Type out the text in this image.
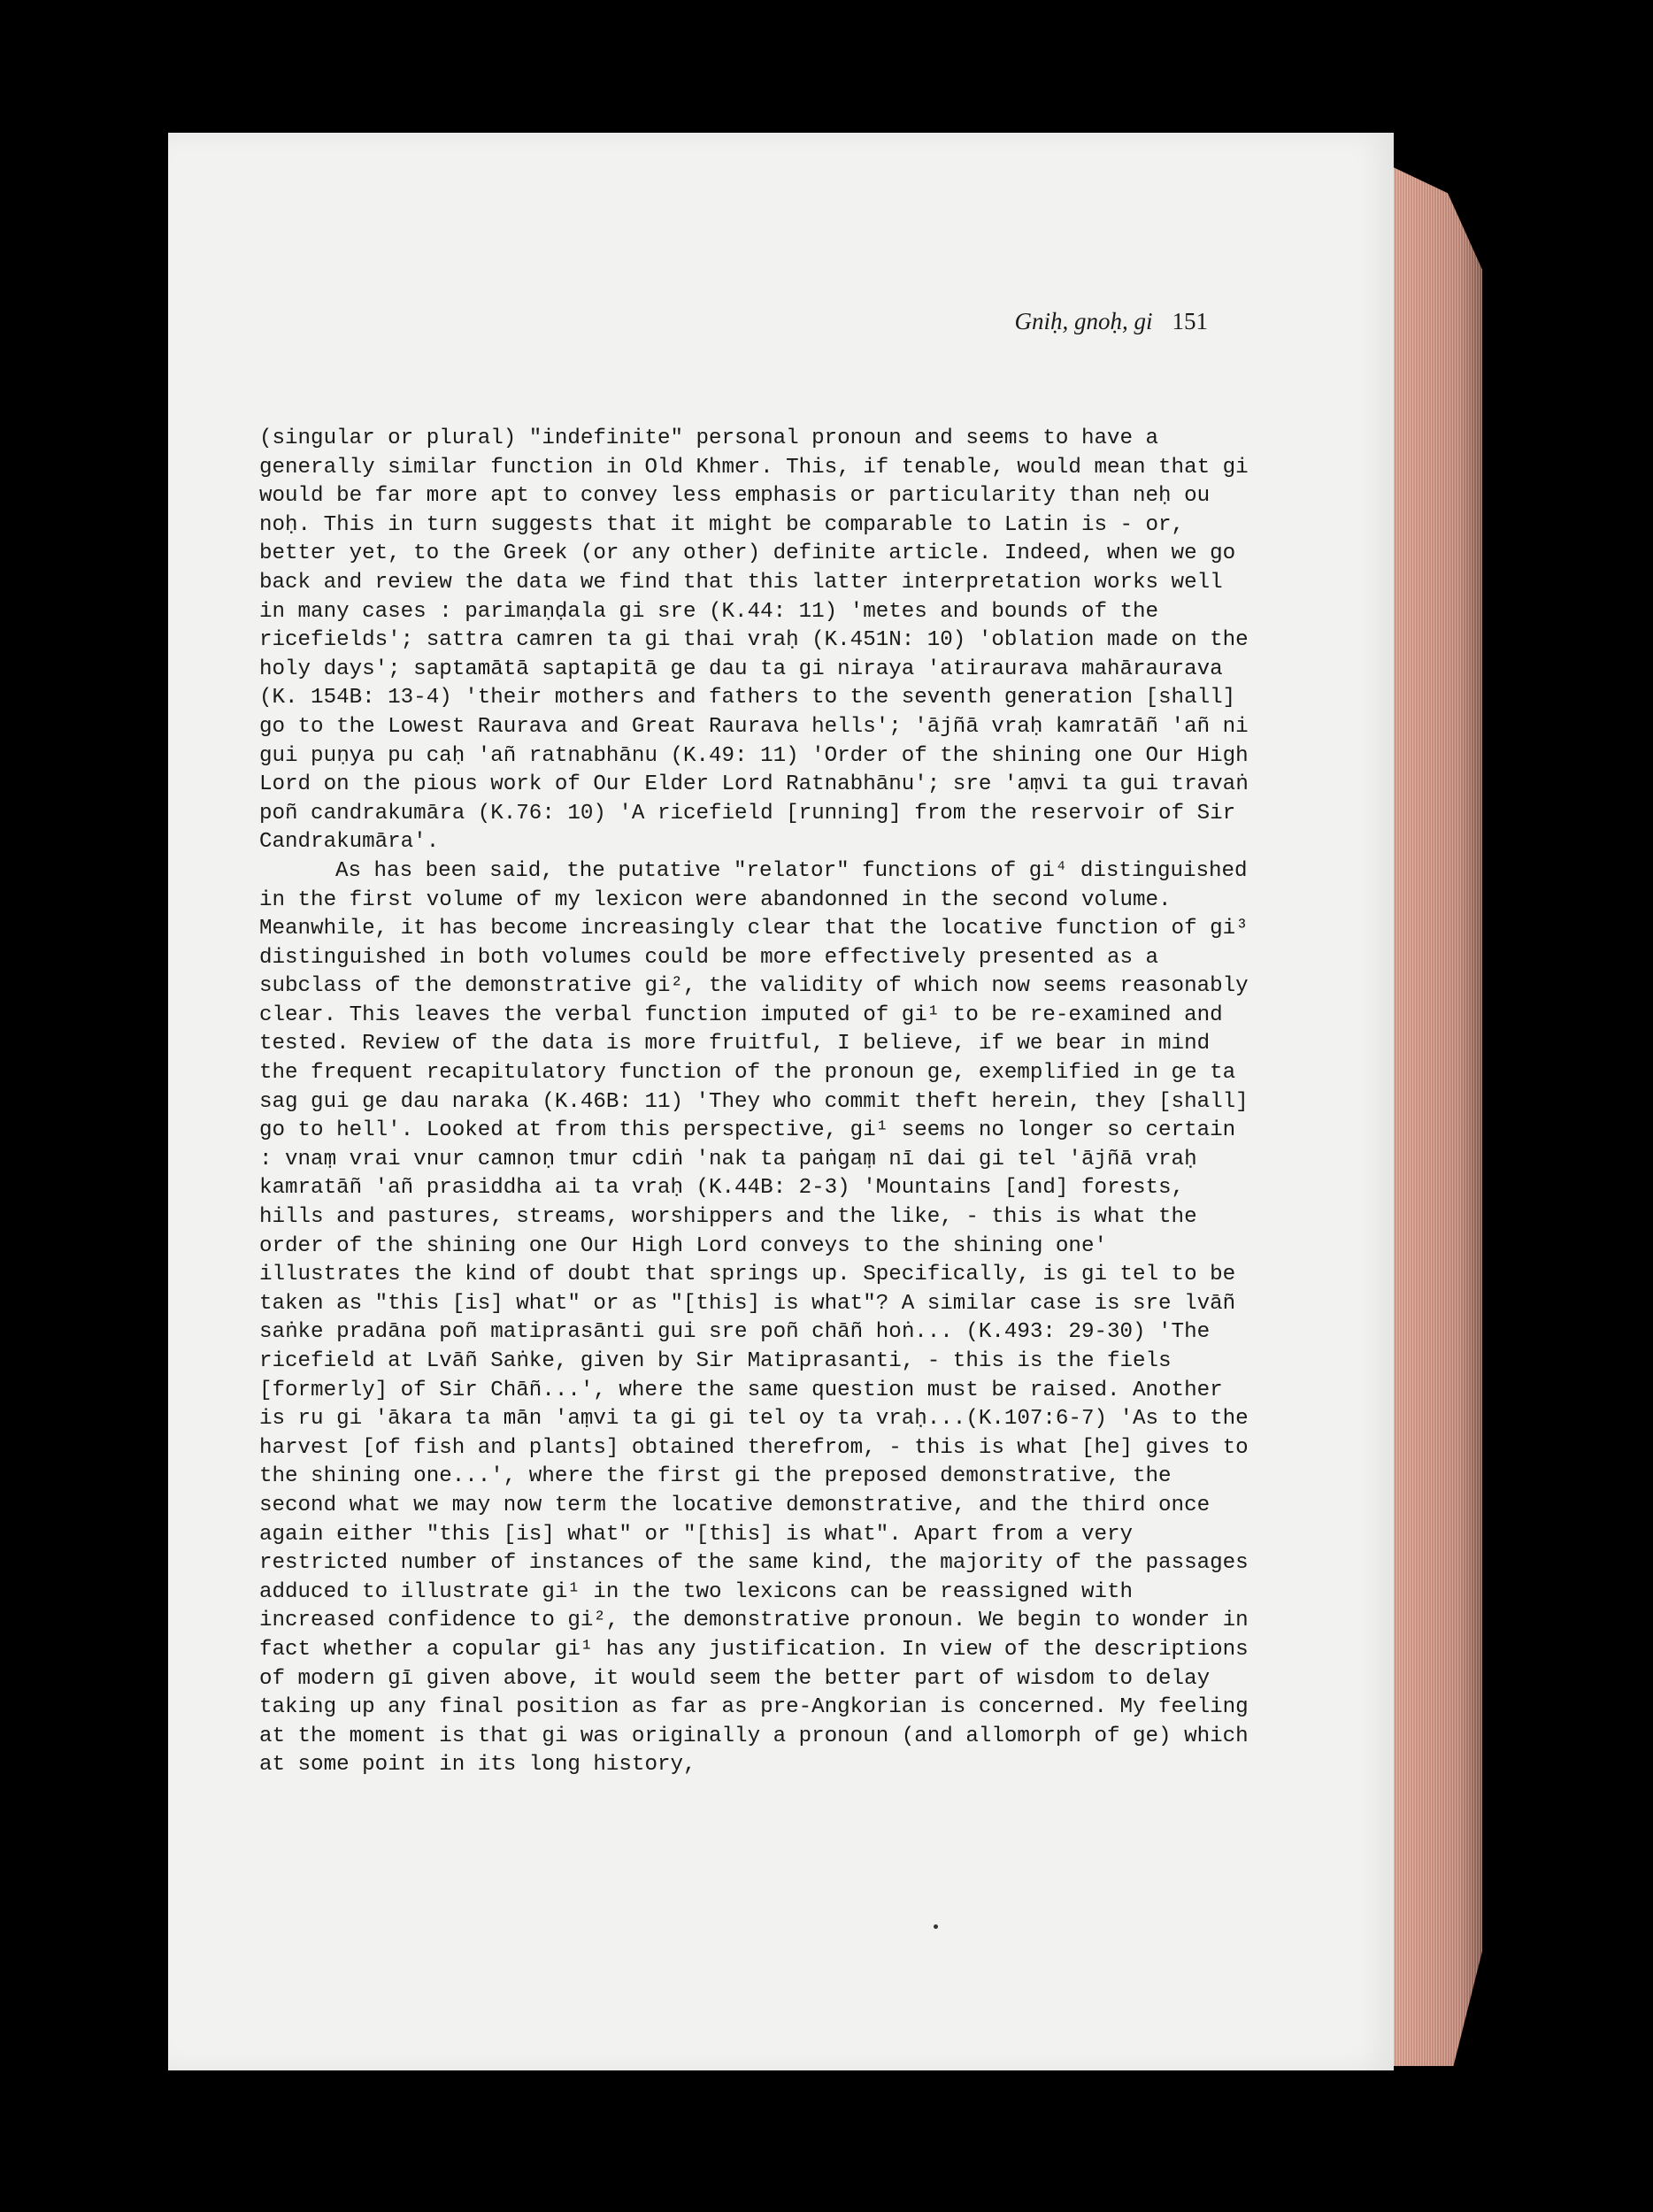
Gniḥ, gnoḥ, gi 151

(singular or plural) "indefinite" personal pronoun and seems to have a generally similar function in Old Khmer. This, if tenable, would mean that gi would be far more apt to convey less emphasis or particularity than neḥ ou noḥ. This in turn suggests that it might be comparable to Latin is - or, better yet, to the Greek (or any other) definite article. Indeed, when we go back and review the data we find that this latter interpretation works well in many cases : parimaṇḍala gi sre (K.44: 11) 'metes and bounds of the ricefields'; sattra camren ta gi thai vraḥ (K.451N: 10) 'oblation made on the holy days'; saptamātā saptapitā ge dau ta gi niraya 'atiraurava mahāraurava (K. 154B: 13-4) 'their mothers and fathers to the seventh generation [shall] go to the Lowest Raurava and Great Raurava hells'; 'ājñā vraḥ kamratāñ 'añ ni gui puṇya pu caḥ 'añ ratnabhānu (K.49: 11) 'Order of the shining one Our High Lord on the pious work of Our Elder Lord Ratnabhānu'; sre 'aṃvi ta gui travaṅ poñ candrakumāra (K.76: 10) 'A ricefield [running] from the reservoir of Sir Candrakumāra'.

As has been said, the putative "relator" functions of gi⁴ distinguished in the first volume of my lexicon were abandonned in the second volume. Meanwhile, it has become increasingly clear that the locative function of gi³ distinguished in both volumes could be more effectively presented as a subclass of the demonstrative gi², the validity of which now seems reasonably clear. This leaves the verbal function imputed of gi¹ to be re-examined and tested. Review of the data is more fruitful, I believe, if we bear in mind the frequent recapitulatory function of the pronoun ge, exemplified in ge ta sag gui ge dau naraka (K.46B: 11) 'They who commit theft herein, they [shall] go to hell'. Looked at from this perspective, gi¹ seems no longer so certain : vnaṃ vrai vnur camnoṇ tmur cdiṅ 'nak ta paṅgaṃ nī dai gi tel 'ājñā vraḥ kamratāñ 'añ prasiddha ai ta vraḥ (K.44B: 2-3) 'Mountains [and] forests, hills and pastures, streams, worshippers and the like, - this is what the order of the shining one Our High Lord conveys to the shining one' illustrates the kind of doubt that springs up. Specifically, is gi tel to be taken as "this [is] what" or as "[this] is what"? A similar case is sre lvāñ saṅke pradāna poñ matiprasānti gui sre poñ chāñ hoṅ... (K.493: 29-30) 'The ricefield at Lvāñ Saṅke, given by Sir Matiprasanti, - this is the fiels [formerly] of Sir Chāñ...', where the same question must be raised. Another is ru gi 'ākara ta mān 'aṃvi ta gi gi tel oy ta vraḥ...(K.107:6-7) 'As to the harvest [of fish and plants] obtained therefrom, - this is what [he] gives to the shining one...', where the first gi the preposed demonstrative, the second what we may now term the locative demonstrative, and the third once again either "this [is] what" or "[this] is what". Apart from a very restricted number of instances of the same kind, the majority of the passages adduced to illustrate gi¹ in the two lexicons can be reassigned with increased confidence to gi², the demonstrative pronoun. We begin to wonder in fact whether a copular gi¹ has any justification. In view of the descriptions of modern gī given above, it would seem the better part of wisdom to delay taking up any final position as far as pre-Angkorian is concerned. My feeling at the moment is that gi was originally a pronoun (and allomorph of ge) which at some point in its long history,
